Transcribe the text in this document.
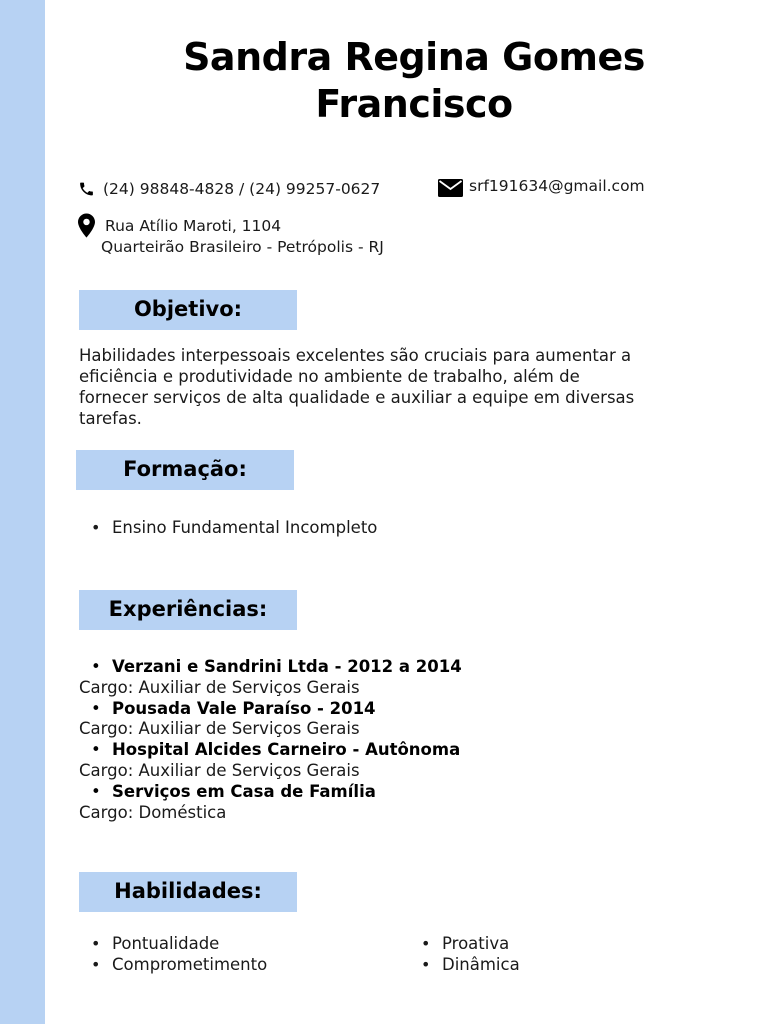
Sandra Regina Gomes
Francisco
(24) 98848-4828 / (24) 99257-0627	srf191634@gmail.com
Rua Atílio Maroti, 1104
Quarteirão Brasileiro - Petrópolis - RJ
Objetivo:
Habilidades interpessoais excelentes são cruciais para aumentar a
eficiência e produtividade no ambiente de trabalho, além de
fornecer serviços de alta qualidade e auxiliar a equipe em diversas
tarefas.
Formação:
• Ensino Fundamental Incompleto
Experiências:
• Verzani e Sandrini Ltda - 2012 a 2014
Cargo: Auxiliar de Serviços Gerais
• Pousada Vale Paraíso - 2014
Cargo: Auxiliar de Serviços Gerais
• Hospital Alcides Carneiro - Autônoma
Cargo: Auxiliar de Serviços Gerais
• Serviços em Casa de Família
Cargo: Doméstica
Habilidades:
• Pontualidade
• Comprometimento
• Proativa
• Dinâmica
